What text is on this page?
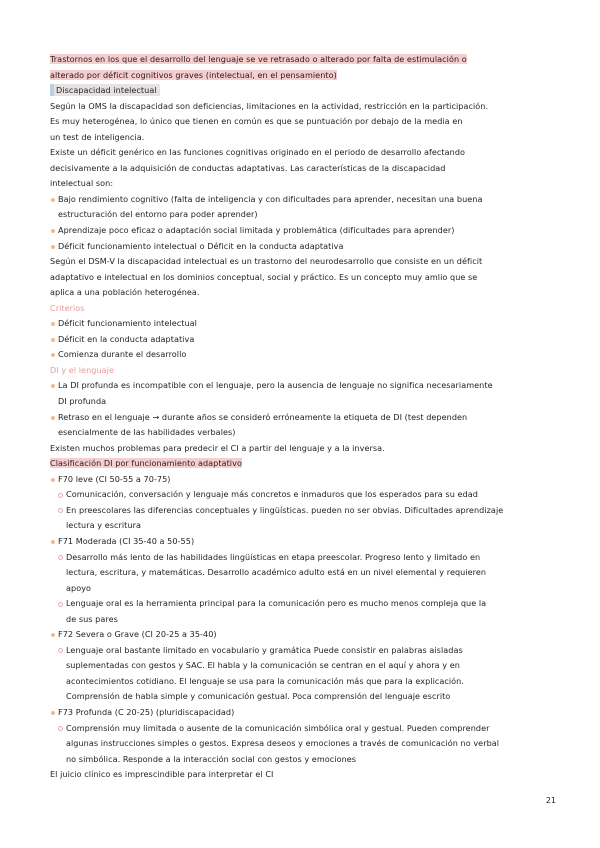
Trastornos en los que el desarrollo del lenguaje se ve retrasado o alterado por falta de estimulación o
alterado por déficit cognitivos graves (intelectual, en el pensamiento)
Discapacidad intelectual
Según la OMS la discapacidad son deficiencias, limitaciones en la actividad, restricción en la participación.
Es muy heterogénea, lo único que tienen en común es que se puntuación por debajo de la media en
un test de inteligencia.
Existe un déficit genérico en las funciones cognitivas originado en el periodo de desarrollo afectando
decisivamente a la adquisición de conductas adaptativas. Las características de la discapacidad
intelectual son:
Bajo rendimiento cognitivo (falta de inteligencia y con dificultades para aprender, necesitan una buena
estructuración del entorno para poder aprender)
Aprendizaje poco eficaz o adaptación social limitada y problemática (dificultades para aprender)
Déficit funcionamiento intelectual o Déficit en la conducta adaptativa
Según el DSM-V la discapacidad intelectual es un trastorno del neurodesarrollo que consiste en un déficit
adaptativo e intelectual en los dominios conceptual, social y práctico. Es un concepto muy amlio que se
aplica a una población heterogénea.
Criterios
Déficit funcionamiento intelectual
Déficit en la conducta adaptativa
Comienza durante el desarrollo
DI y el lenguaje
La DI profunda es incompatible con el lenguaje, pero la ausencia de lenguaje no significa necesariamente
DI profunda
Retraso en el lenguaje → durante años se consideró erróneamente la etiqueta de DI (test dependen
esencialmente de las habilidades verbales)
Existen muchos problemas para predecir el CI a partir del lenguaje y a la inversa.
Clasificación DI por funcionamiento adaptativo
F70 leve (CI 50-55 a 70-75)
Comunicación, conversación y lenguaje más concretos e inmaduros que los esperados para su edad
En preescolares las diferencias conceptuales y lingüísticas. pueden no ser obvias. Dificultades aprendizaje
lectura y escritura
F71 Moderada (CI 35-40 a 50-55)
Desarrollo más lento de las habilidades lingüísticas en etapa preescolar. Progreso lento y limitado en
lectura, escritura, y matemáticas. Desarrollo académico adulto está en un nivel elemental y requieren
apoyo
Lenguaje oral es la herramienta principal para la comunicación pero es mucho menos compleja que la
de sus pares
F72 Severa o Grave (CI 20-25 a 35-40)
Lenguaje oral bastante limitado en vocabulario y gramática Puede consistir en palabras aisladas
suplementadas con gestos y SAC. El habla y la comunicación se centran en el aquí y ahora y en
acontecimientos cotidiano. El lenguaje se usa para la comunicación más que para la explicación.
Comprensión de habla simple y comunicación gestual. Poca comprensión del lenguaje escrito
F73 Profunda (C 20-25) (pluridiscapacidad)
Comprensión muy limitada o ausente de la comunicación simbólica oral y gestual. Pueden comprender
algunas instrucciones simples o gestos. Expresa deseos y emociones a través de comunicación no verbal
no simbólica. Responde a la interacción social con gestos y emociones
El juicio clínico es imprescindible para interpretar el CI
21
